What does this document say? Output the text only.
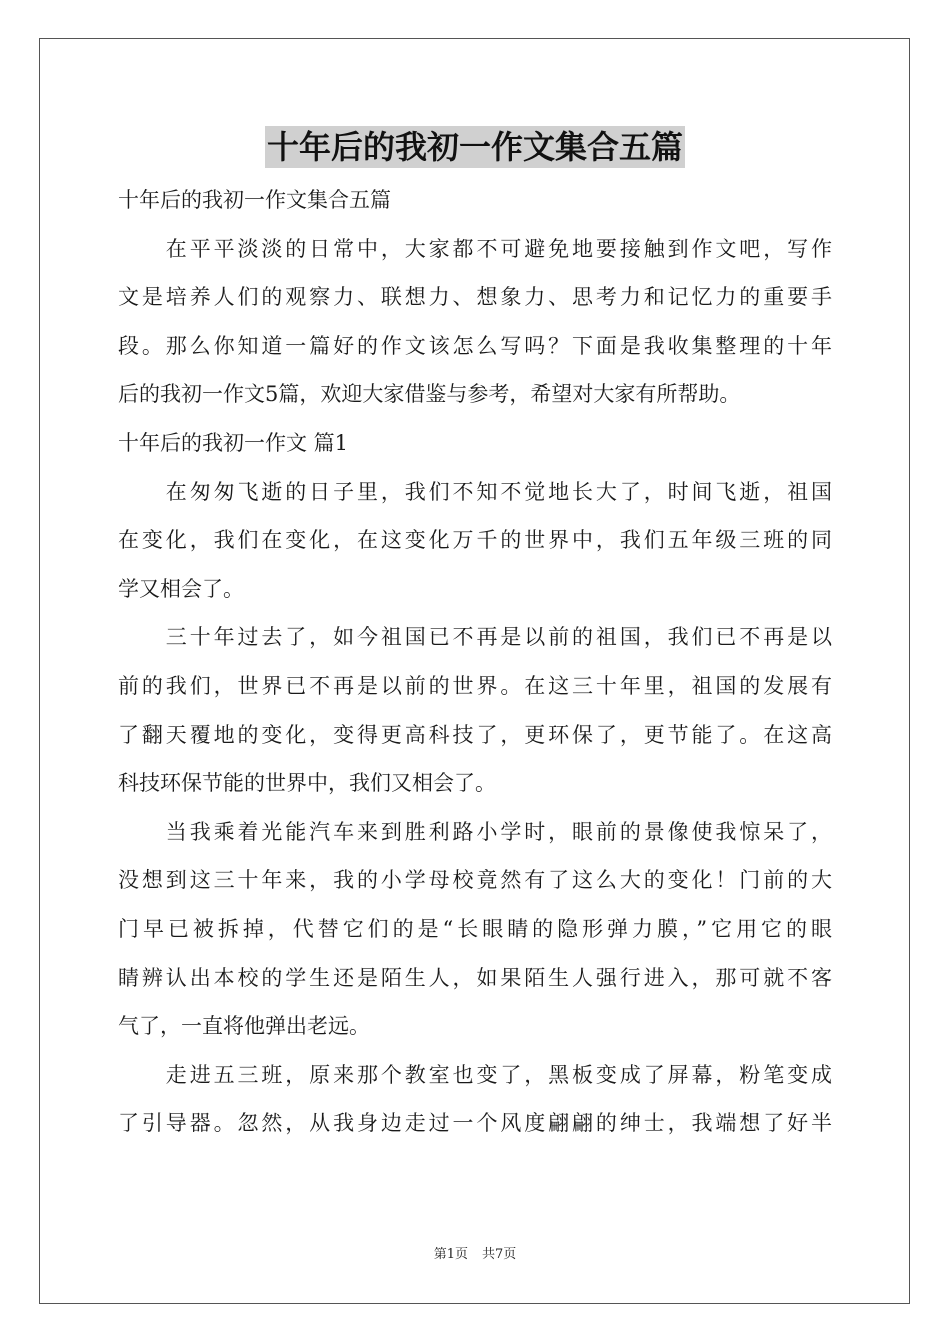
十年后的我初一作文集合五篇
十年后的我初一作文集合五篇
　　在平平淡淡的日常中，大家都不可避免地要接触到作文吧，写作
文是培养人们的观察力、联想力、想象力、思考力和记忆力的重要手
段。那么你知道一篇好的作文该怎么写吗？下面是我收集整理的十年
后的我初一作文5篇，欢迎大家借鉴与参考，希望对大家有所帮助。
十年后的我初一作文 篇1
　　在匆匆飞逝的日子里，我们不知不觉地长大了，时间飞逝，祖国
在变化，我们在变化，在这变化万千的世界中，我们五年级三班的同
学又相会了。
　　三十年过去了，如今祖国已不再是以前的祖国，我们已不再是以
前的我们，世界已不再是以前的世界。在这三十年里，祖国的发展有
了翻天覆地的变化，变得更高科技了，更环保了，更节能了。在这高
科技环保节能的世界中，我们又相会了。
　　当我乘着光能汽车来到胜利路小学时，眼前的景像使我惊呆了，
没想到这三十年来，我的小学母校竟然有了这么大的变化！门前的大
门早已被拆掉，代替它们的是“长眼睛的隐形弹力膜，”它用它的眼
睛辨认出本校的学生还是陌生人，如果陌生人强行进入，那可就不客
气了，一直将他弹出老远。
　　走进五三班，原来那个教室也变了，黑板变成了屏幕，粉笔变成
了引导器。忽然，从我身边走过一个风度翩翩的绅士，我端想了好半
第1页 共7页
